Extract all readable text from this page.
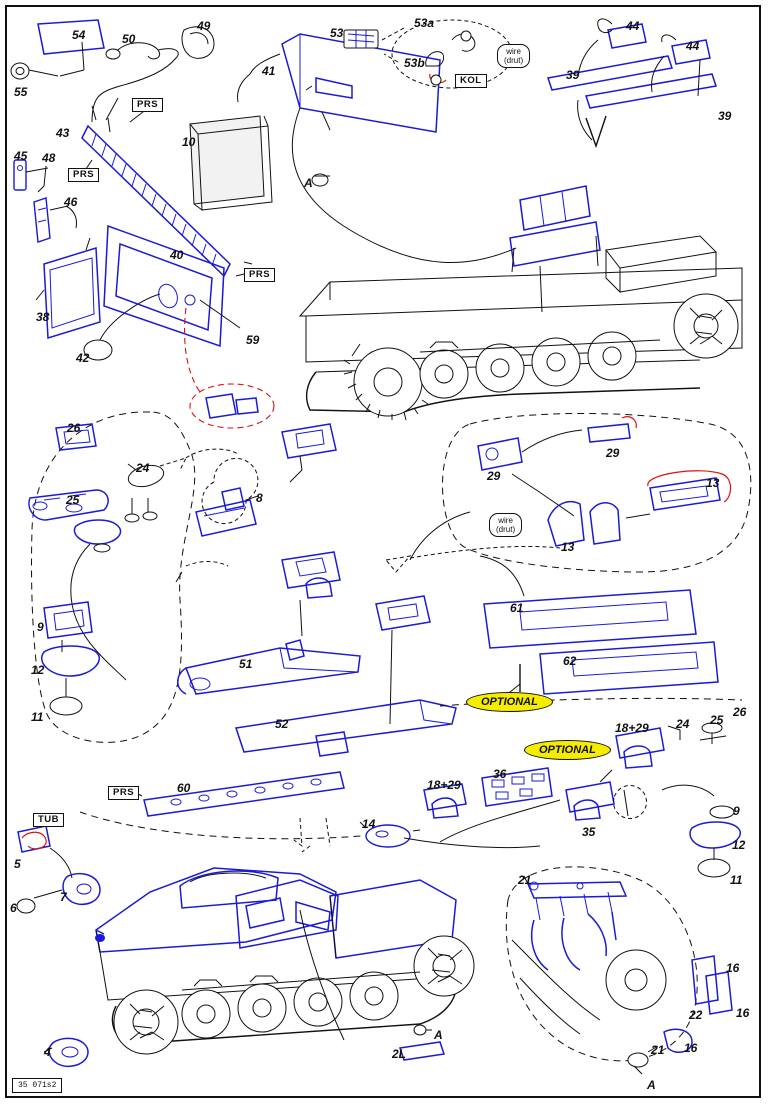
54	50
49	53
53a
53b
44
44
55
41	39
39
43
10
45 48
A
46
40
38
59
42
26
24
25	8
29
29
13
13
9
12
11
51
61
62
52
60
18+29 24 25
26
18+29
36
35
9
12
11
14
5
7
6
21
16
22	16
21 16
4	2L
A
A
PRS
PRS
PRS
PRS
TUB
KOL
wire
(drut)
wire
(drut)
OPTIONAL
OPTIONAL
35 071s2
